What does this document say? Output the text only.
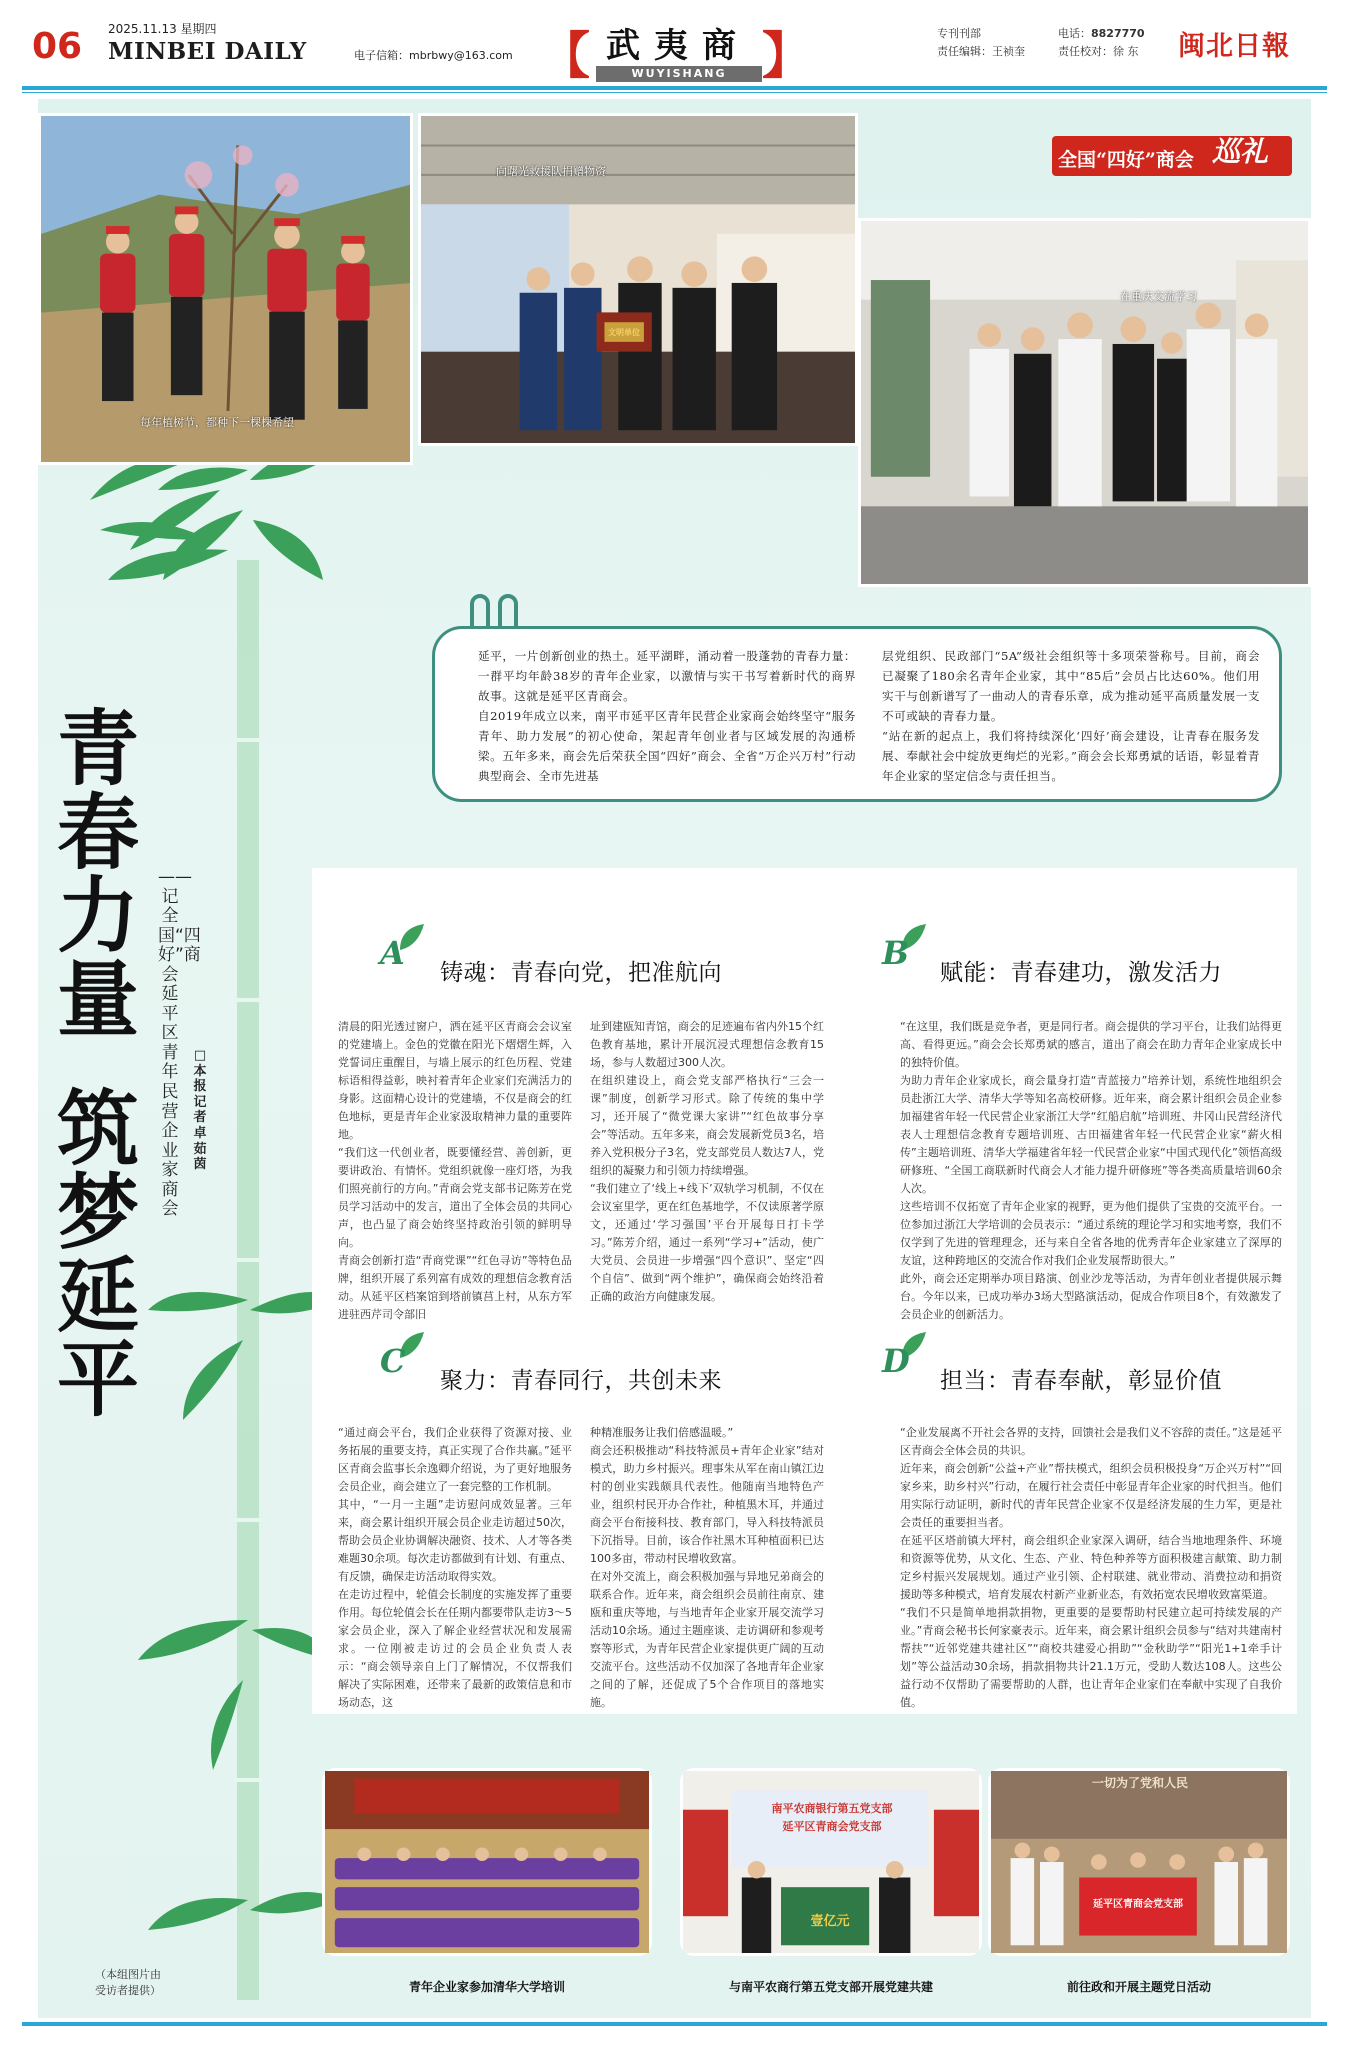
06 2025.11.13 星期四
MINBEI DAILY	电子信箱：mbrbwy@163.com 【	】
武夷商
WUYISHANG
专刊刊部
责任编辑：王祯奎
电话：8827770
责任校对：徐 东 闽北日報
每年植树节，都种下一棵棵希望
向曙光救援队捐赠物资
文明单位
在重庆交流学习
全国“四好”商会 巡礼
延平，一片创新创业的热土。延平湖畔，涌动着一股蓬勃的青春力量：一群平均年龄38岁的青年企业家，以激情与实干书写着新时代的商界故事。这就是延平区青商会。
自2019年成立以来，南平市延平区青年民营企业家商会始终坚守“服务青年、助力发展”的初心使命，架起青年创业者与区域发展的沟通桥梁。五年多来，商会先后荣获全国“四好”商会、全省“万企兴万村”行动典型商会、全市先进基
层党组织、民政部门“5A”级社会组织等十多项荣誉称号。目前，商会已凝聚了180余名青年企业家，其中“85后”会员占比达60%。他们用实干与创新谱写了一曲动人的青春乐章，成为推动延平高质量发展一支不可或缺的青春力量。
“站在新的起点上，我们将持续深化‘四好’商会建设，让青春在服务发展、奉献社会中绽放更绚烂的光彩。”商会会长郑勇斌的话语，彰显着青年企业家的坚定信念与责任担当。
青春力量
筑梦延平
——记全国“四好”商会延平区青年民营企业家商会
□本报记者 卓茹茵
A
铸魂：青春向党，把准航向
清晨的阳光透过窗户，洒在延平区青商会会议室的党建墙上。金色的党徽在阳光下熠熠生辉，入党誓词庄重醒目，与墙上展示的红色历程、党建标语相得益彰，映衬着青年企业家们充满活力的身影。这面精心设计的党建墙，不仅是商会的红色地标，更是青年企业家汲取精神力量的重要阵地。
“我们这一代创业者，既要懂经营、善创新，更要讲政治、有情怀。党组织就像一座灯塔，为我们照亮前行的方向。”青商会党支部书记陈芳在党员学习活动中的发言，道出了全体会员的共同心声，也凸显了商会始终坚持政治引领的鲜明导向。
青商会创新打造“青商党课”“红色寻访”等特色品牌，组织开展了系列富有成效的理想信念教育活动。从延平区档案馆到塔前镇莒上村，从东方军进驻西芹司令部旧
址到建瓯知青馆，商会的足迹遍布省内外15个红色教育基地，累计开展沉浸式理想信念教育15场，参与人数超过300人次。
在组织建设上，商会党支部严格执行“三会一课”制度，创新学习形式。除了传统的集中学习，还开展了“微党课大家讲”“红色故事分享会”等活动。五年多来，商会发展新党员3名，培养入党积极分子3名，党支部党员人数达7人，党组织的凝聚力和引领力持续增强。
“我们建立了‘线上+线下’双轨学习机制，不仅在会议室里学，更在红色基地学，不仅读原著学原文，还通过‘学习强国’平台开展每日打卡学习。”陈芳介绍，通过一系列“学习+”活动，使广大党员、会员进一步增强“四个意识”、坚定“四个自信”、做到“两个维护”，确保商会始终沿着正确的政治方向健康发展。
B
赋能：青春建功，激发活力
“在这里，我们既是竞争者，更是同行者。商会提供的学习平台，让我们站得更高、看得更远。”商会会长郑勇斌的感言，道出了商会在助力青年企业家成长中的独特价值。
为助力青年企业家成长，商会量身打造“青蓝接力”培养计划，系统性地组织会员赴浙江大学、清华大学等知名高校研修。近年来，商会累计组织会员企业参加福建省年轻一代民营企业家浙江大学“红船启航”培训班、井冈山民营经济代表人士理想信念教育专题培训班、古田福建省年轻一代民营企业家“薪火相传”主题培训班、清华大学福建省年轻一代民营企业家“中国式现代化”领悟高级研修班、“全国工商联新时代商会人才能力提升研修班”等各类高质量培训60余人次。
这些培训不仅拓宽了青年企业家的视野，更为他们提供了宝贵的交流平台。一位参加过浙江大学培训的会员表示：“通过系统的理论学习和实地考察，我们不仅学到了先进的管理理念，还与来自全省各地的优秀青年企业家建立了深厚的友谊，这种跨地区的交流合作对我们企业发展帮助很大。”
此外，商会还定期举办项目路演、创业沙龙等活动，为青年创业者提供展示舞台。今年以来，已成功举办3场大型路演活动，促成合作项目8个，有效激发了会员企业的创新活力。
C
聚力：青春同行，共创未来
“通过商会平台，我们企业获得了资源对接、业务拓展的重要支持，真正实现了合作共赢。”延平区青商会监事长余逸卿介绍说，为了更好地服务会员企业，商会建立了一套完整的工作机制。
其中，“一月一主题”走访慰问成效显著。三年来，商会累计组织开展会员企业走访超过50次，帮助会员企业协调解决融资、技术、人才等各类难题30余项。每次走访都做到有计划、有重点、有反馈，确保走访活动取得实效。
在走访过程中，轮值会长制度的实施发挥了重要作用。每位轮值会长在任期内都要带队走访3～5家会员企业，深入了解企业经营状况和发展需求。一位刚被走访过的会员企业负责人表示：“商会领导亲自上门了解情况，不仅帮我们解决了实际困难，还带来了最新的政策信息和市场动态，这
种精准服务让我们倍感温暖。”
商会还积极推动“科技特派员+青年企业家”结对模式，助力乡村振兴。理事朱从军在南山镇江边村的创业实践颇具代表性。他随南当地特色产业，组织村民开办合作社，种植黑木耳，并通过商会平台衔接科技、教育部门，导入科技特派员下沉指导。目前，该合作社黑木耳种植面积已达100多亩，带动村民增收致富。
在对外交流上，商会积极加强与异地兄弟商会的联系合作。近年来，商会组织会员前往南京、建瓯和重庆等地，与当地青年企业家开展交流学习活动10余场。通过主题座谈、走访调研和参观考察等形式，为青年民营企业家提供更广阔的互动交流平台。这些活动不仅加深了各地青年企业家之间的了解，还促成了5个合作项目的落地实施。
D
担当：青春奉献，彰显价值
“企业发展离不开社会各界的支持，回馈社会是我们义不容辞的责任。”这是延平区青商会全体会员的共识。
近年来，商会创新“公益+产业”帮扶模式，组织会员积极投身“万企兴万村”“回家乡来，助乡村兴”行动，在履行社会责任中彰显青年企业家的时代担当。他们用实际行动证明，新时代的青年民营企业家不仅是经济发展的生力军，更是社会责任的重要担当者。
在延平区塔前镇大坪村，商会组织企业家深入调研，结合当地地理条件、环境和资源等优势，从文化、生态、产业、特色种养等方面积极建言献策、助力制定乡村振兴发展规划。通过产业引领、企村联建、就业带动、消费拉动和捐资援助等多种模式，培育发展农村新产业新业态，有效拓宽农民增收致富渠道。
“我们不只是简单地捐款捐物，更重要的是要帮助村民建立起可持续发展的产业。”青商会秘书长何家豪表示。近年来，商会累计组织会员参与“结对共建南村帮扶”“近邻党建共建社区”“商校共建爱心捐助”“金秋助学”“阳光1+1牵手计划”等公益活动30余场，捐款捐物共计21.1万元，受助人数达108人。这些公益行动不仅帮助了需要帮助的人群，也让青年企业家们在奉献中实现了自我价值。
青年企业家参加清华大学培训
南平农商银行第五党支部
延平区青商会党支部
壹亿元
与南平农商行第五党支部开展党建共建
一切为了党和人民
延平区青商会党支部
前往政和开展主题党日活动
（本组图片由
受访者提供）
